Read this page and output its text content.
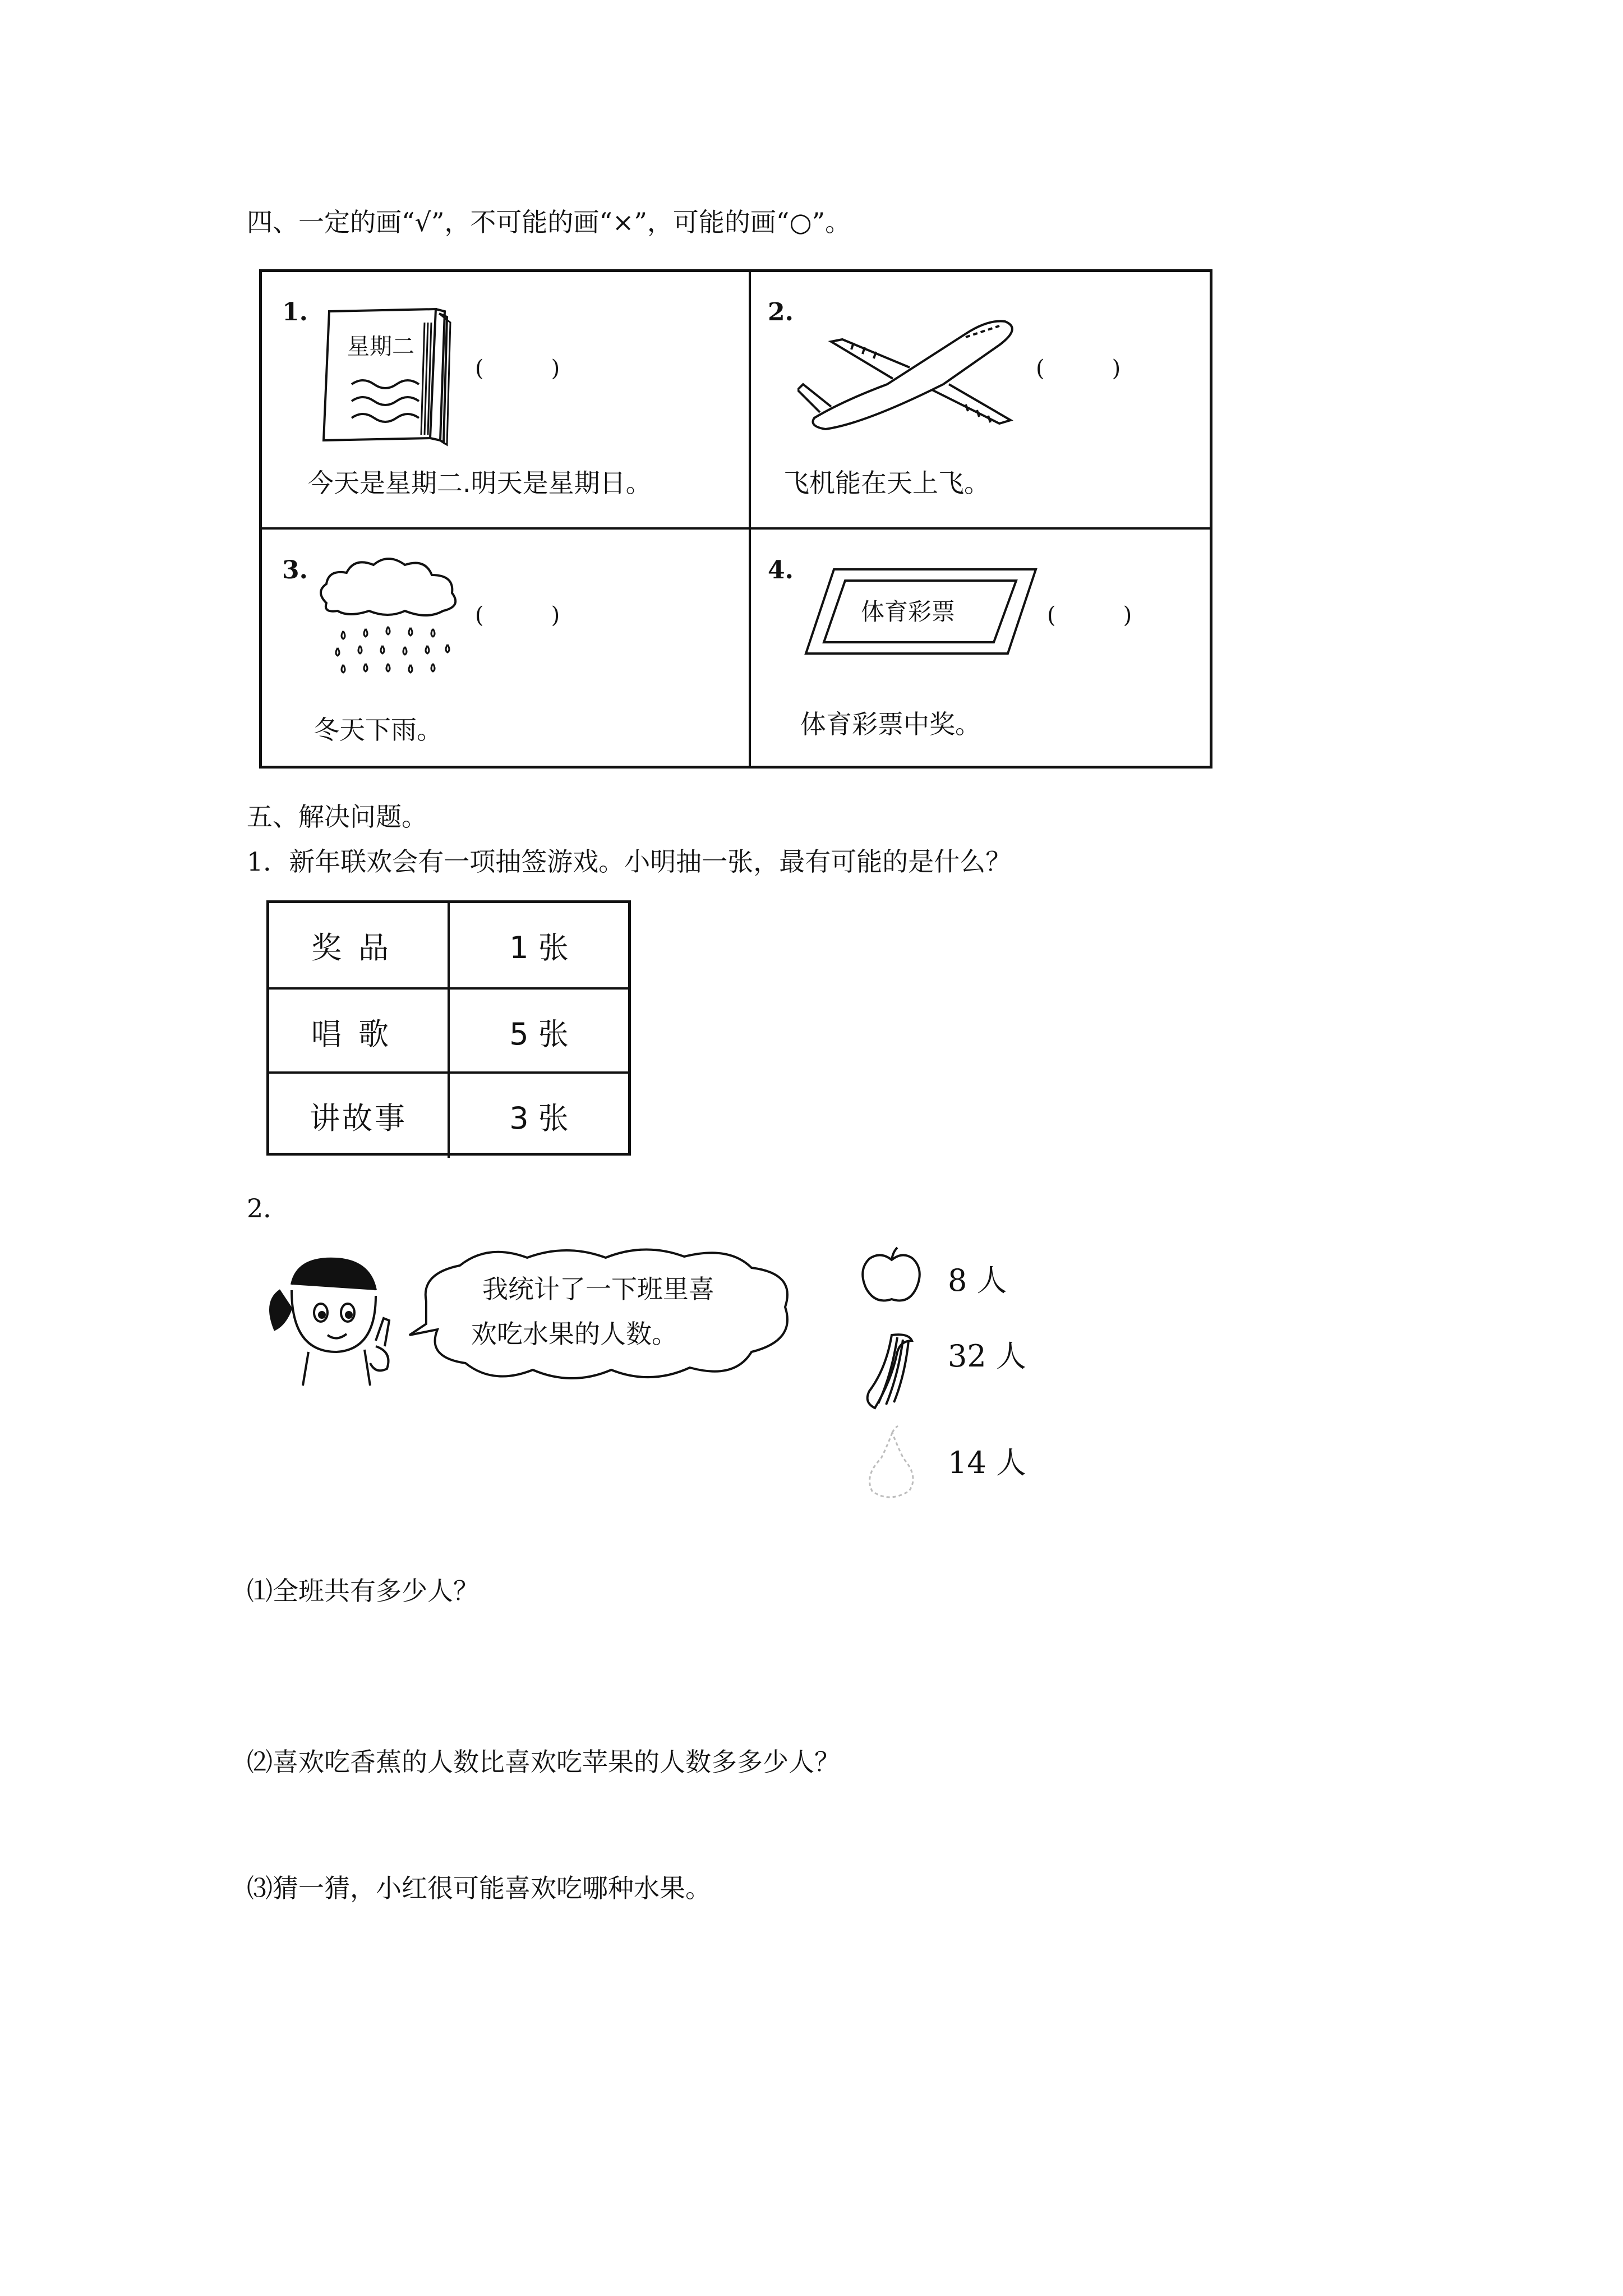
四、一定的画“√”，不可能的画“×”，可能的画“○”。
1.
星期二
(　　　)
今天是星期二.明天是星期日。
2.
(　　　)
飞机能在天上飞。
3.
(　　　)
冬天下雨。
4.
体育彩票	(　　　)
体育彩票中奖。
五、解决问题。
1．新年联欢会有一项抽签游戏。小明抽一张，最有可能的是什么？
奖品	1 张
唱歌	5 张
讲故事	3 张
2．
我统计了一下班里喜
欢吃水果的人数。
8 人
32 人
14 人
⑴全班共有多少人？
⑵喜欢吃香蕉的人数比喜欢吃苹果的人数多多少人？
⑶猜一猜，小红很可能喜欢吃哪种水果。
